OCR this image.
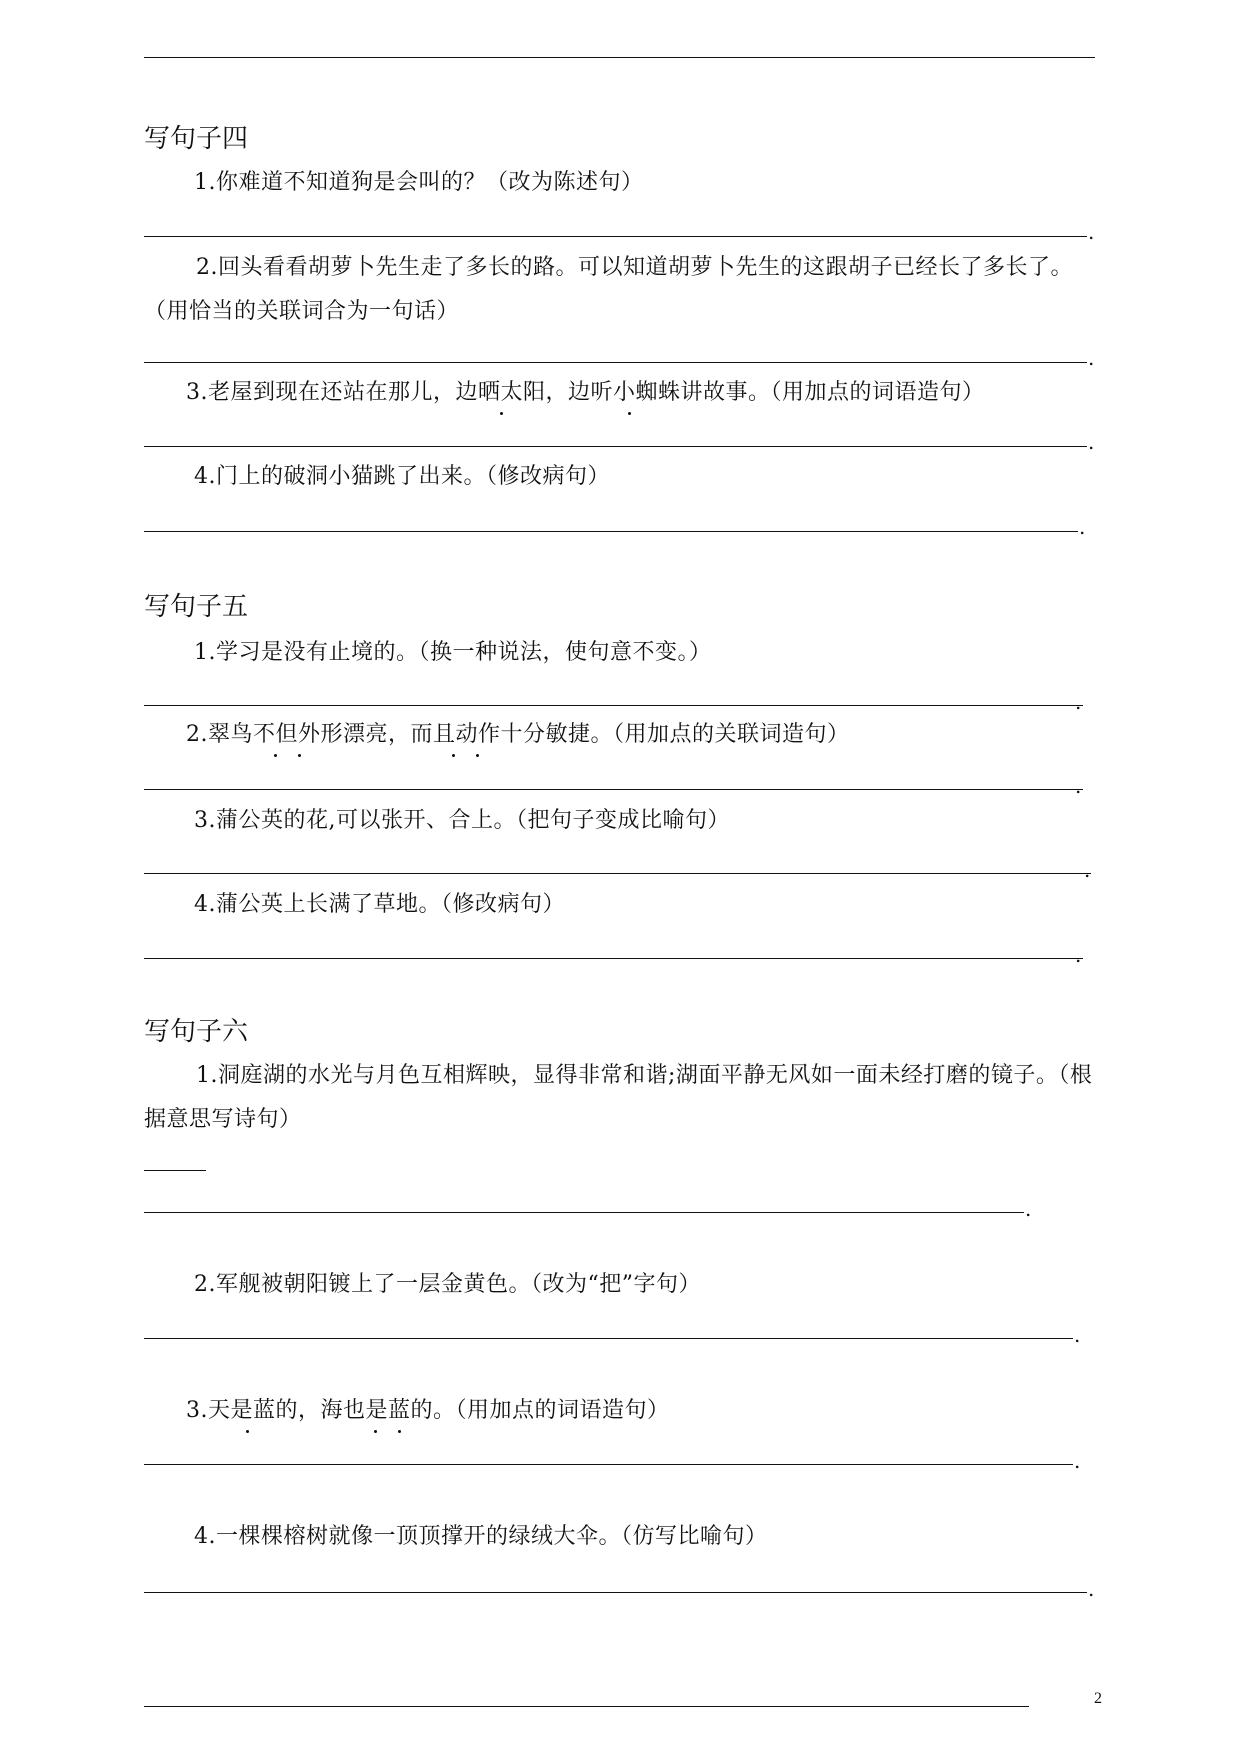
写句子四
1.你难道不知道狗是会叫的？（改为陈述句）
.
2.回头看看胡萝卜先生走了多长的路。可以知道胡萝卜先生的这跟胡子已经长了多长了。 （用恰当的关联词合为一句话）
.
3.老屋到现在还站在那儿，边晒太阳，边听小蜘蛛讲故事。（用加点的词语造句）
.
4.门上的破洞小猫跳了出来。（修改病句）
.
写句子五
1.学习是没有止境的。（换一种说法，使句意不变。）
.
2.翠鸟不但外形漂亮，而且动作十分敏捷。（用加点的关联词造句）
.
3.蒲公英的花,可以张开、合上。（把句子变成比喻句）
.
4.蒲公英上长满了草地。（修改病句）
.
写句子六
1.洞庭湖的水光与月色互相辉映，显得非常和谐;湖面平静无风如一面未经打磨的镜子。（根据意思写诗句）
.
2.军舰被朝阳镀上了一层金黄色。（改为“把”字句）
.
3.天是蓝的，海也是蓝的。（用加点的词语造句）
.
4.一棵棵榕树就像一顶顶撑开的绿绒大伞。（仿写比喻句）
.
2
